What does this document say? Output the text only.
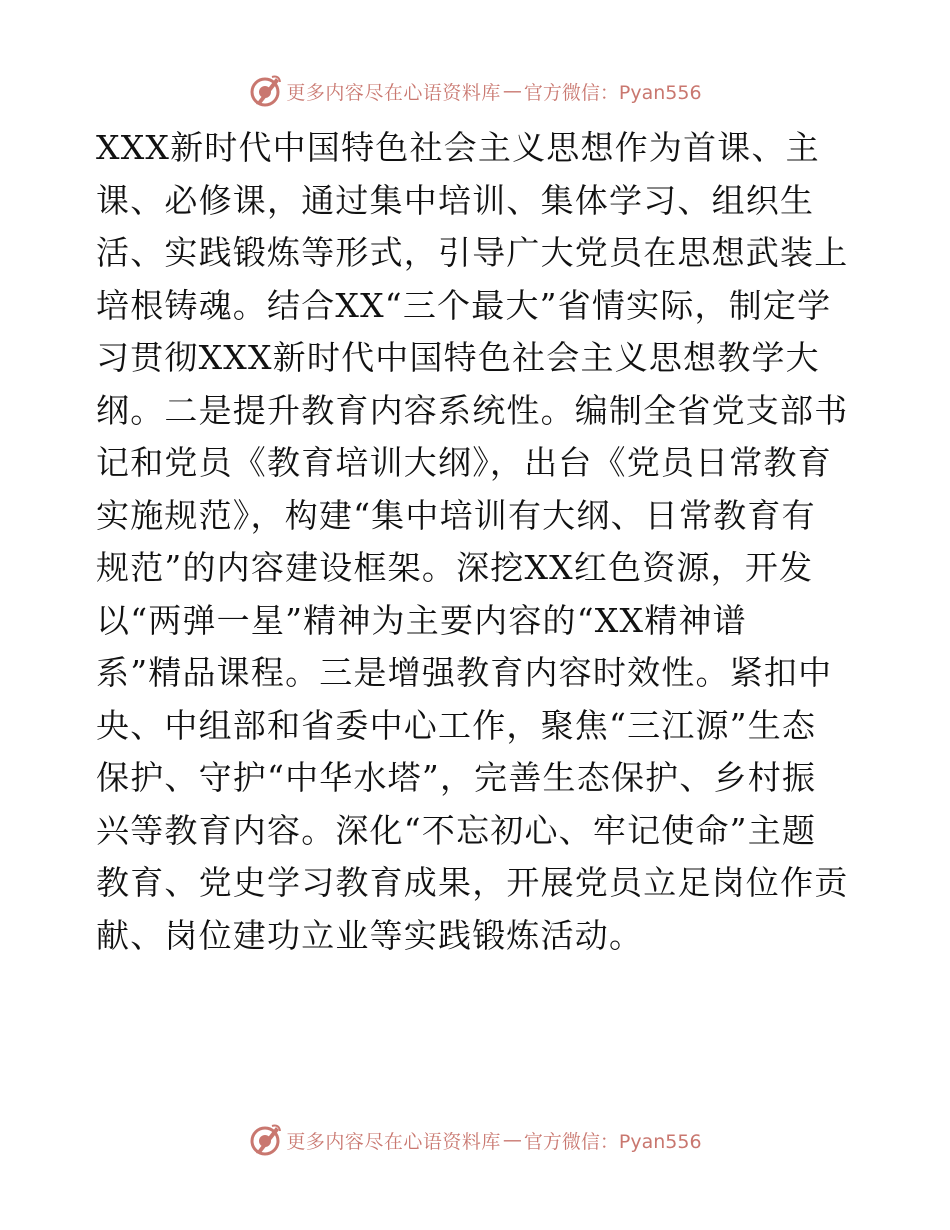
更多内容尽在心语资料库 — 官方微信：Pyan556
XXX新时代中国特色社会主义思想作为首课、主
课、必修课，通过集中培训、集体学习、组织生
活、实践锻炼等形式，引导广大党员在思想武装上
培根铸魂。结合XX“三个最大”省情实际，制定学
习贯彻XXX新时代中国特色社会主义思想教学大
纲。二是提升教育内容系统性。编制全省党支部书
记和党员《教育培训大纲》，出台《党员日常教育
实施规范》，构建“集中培训有大纲、日常教育有
规范”的内容建设框架。深挖XX红色资源，开发
以“两弹一星”精神为主要内容的“XX精神谱
系”精品课程。三是增强教育内容时效性。紧扣中
央、中组部和省委中心工作，聚焦“三江源”生态
保护、守护“中华水塔”，完善生态保护、乡村振
兴等教育内容。深化“不忘初心、牢记使命”主题
教育、党史学习教育成果，开展党员立足岗位作贡
献、岗位建功立业等实践锻炼活动。
更多内容尽在心语资料库 — 官方微信：Pyan556
